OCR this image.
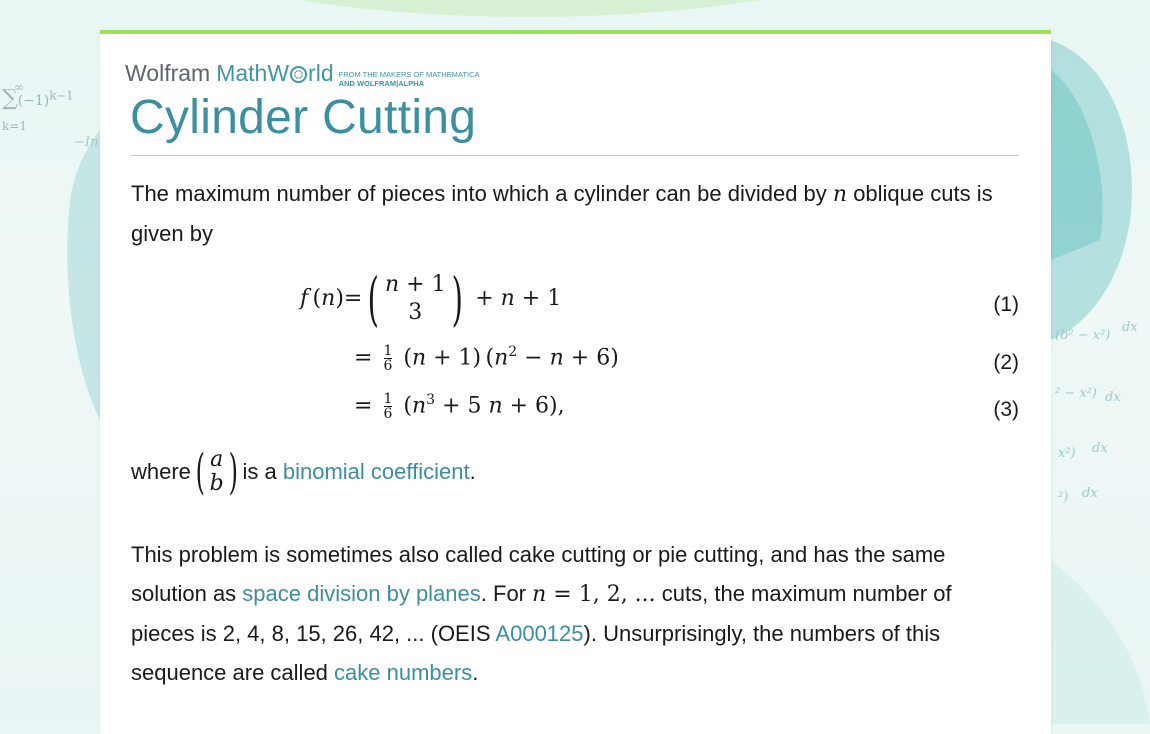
∞
$\sum(-1)^{k-1}$
k=1
(b² − x²)
dx
² − x²) dx
x²) dx
²) dx
−In
Wolfram MathW rld FROM THE MAKERS OF MATHEMATICA
AND WOLFRAM|ALPHA
Cylinder Cutting

The maximum number of pieces into which a cylinder can be divided by n oblique cuts is given by

f (n)= ( n + 1
3 ) + n + 1	(1)
= $\frac{1}{6} (n + 1) (n^2 - n + 6)$	(2)
= $\frac{1}{6} (n^3 + 5$ n + 6),	(3)
where ( a
b ) is a
binomial coefficient .

This problem is sometimes also called cake cutting or pie cutting, and has the same solution as space division by planes. For n = 1, 2, ... cuts, the maximum number of pieces is 2, 4, 8, 15, 26, 42, ... (OEIS A000125). Unsurprisingly, the numbers of this sequence are called cake numbers.
